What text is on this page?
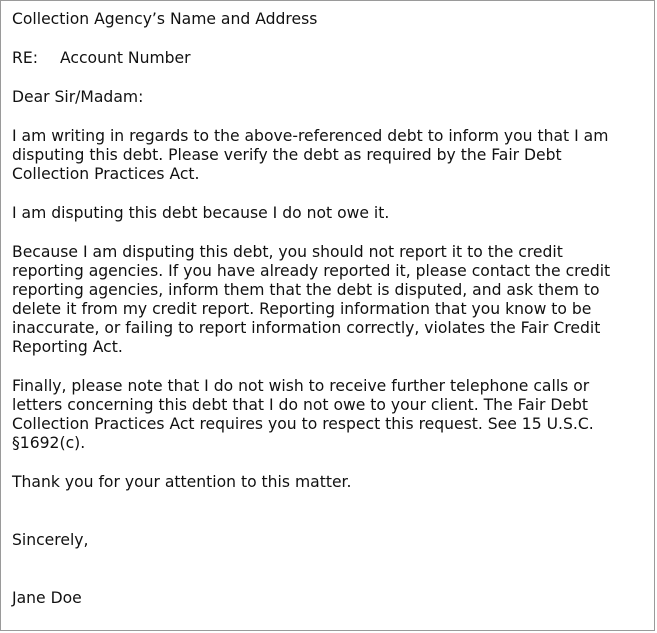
Collection Agency’s Name and Address

RE: Account Number

Dear Sir/Madam:

I am writing in regards to the above-referenced debt to inform you that I am

disputing this debt. Please verify the debt as required by the Fair Debt

Collection Practices Act.

I am disputing this debt because I do not owe it.

Because I am disputing this debt, you should not report it to the credit

reporting agencies. If you have already reported it, please contact the credit

reporting agencies, inform them that the debt is disputed, and ask them to

delete it from my credit report. Reporting information that you know to be

inaccurate, or failing to report information correctly, violates the Fair Credit

Reporting Act.

Finally, please note that I do not wish to receive further telephone calls or

letters concerning this debt that I do not owe to your client. The Fair Debt

Collection Practices Act requires you to respect this request. See 15 U.S.C.

§1692(c).

Thank you for your attention to this matter.

Sincerely,

Jane Doe
